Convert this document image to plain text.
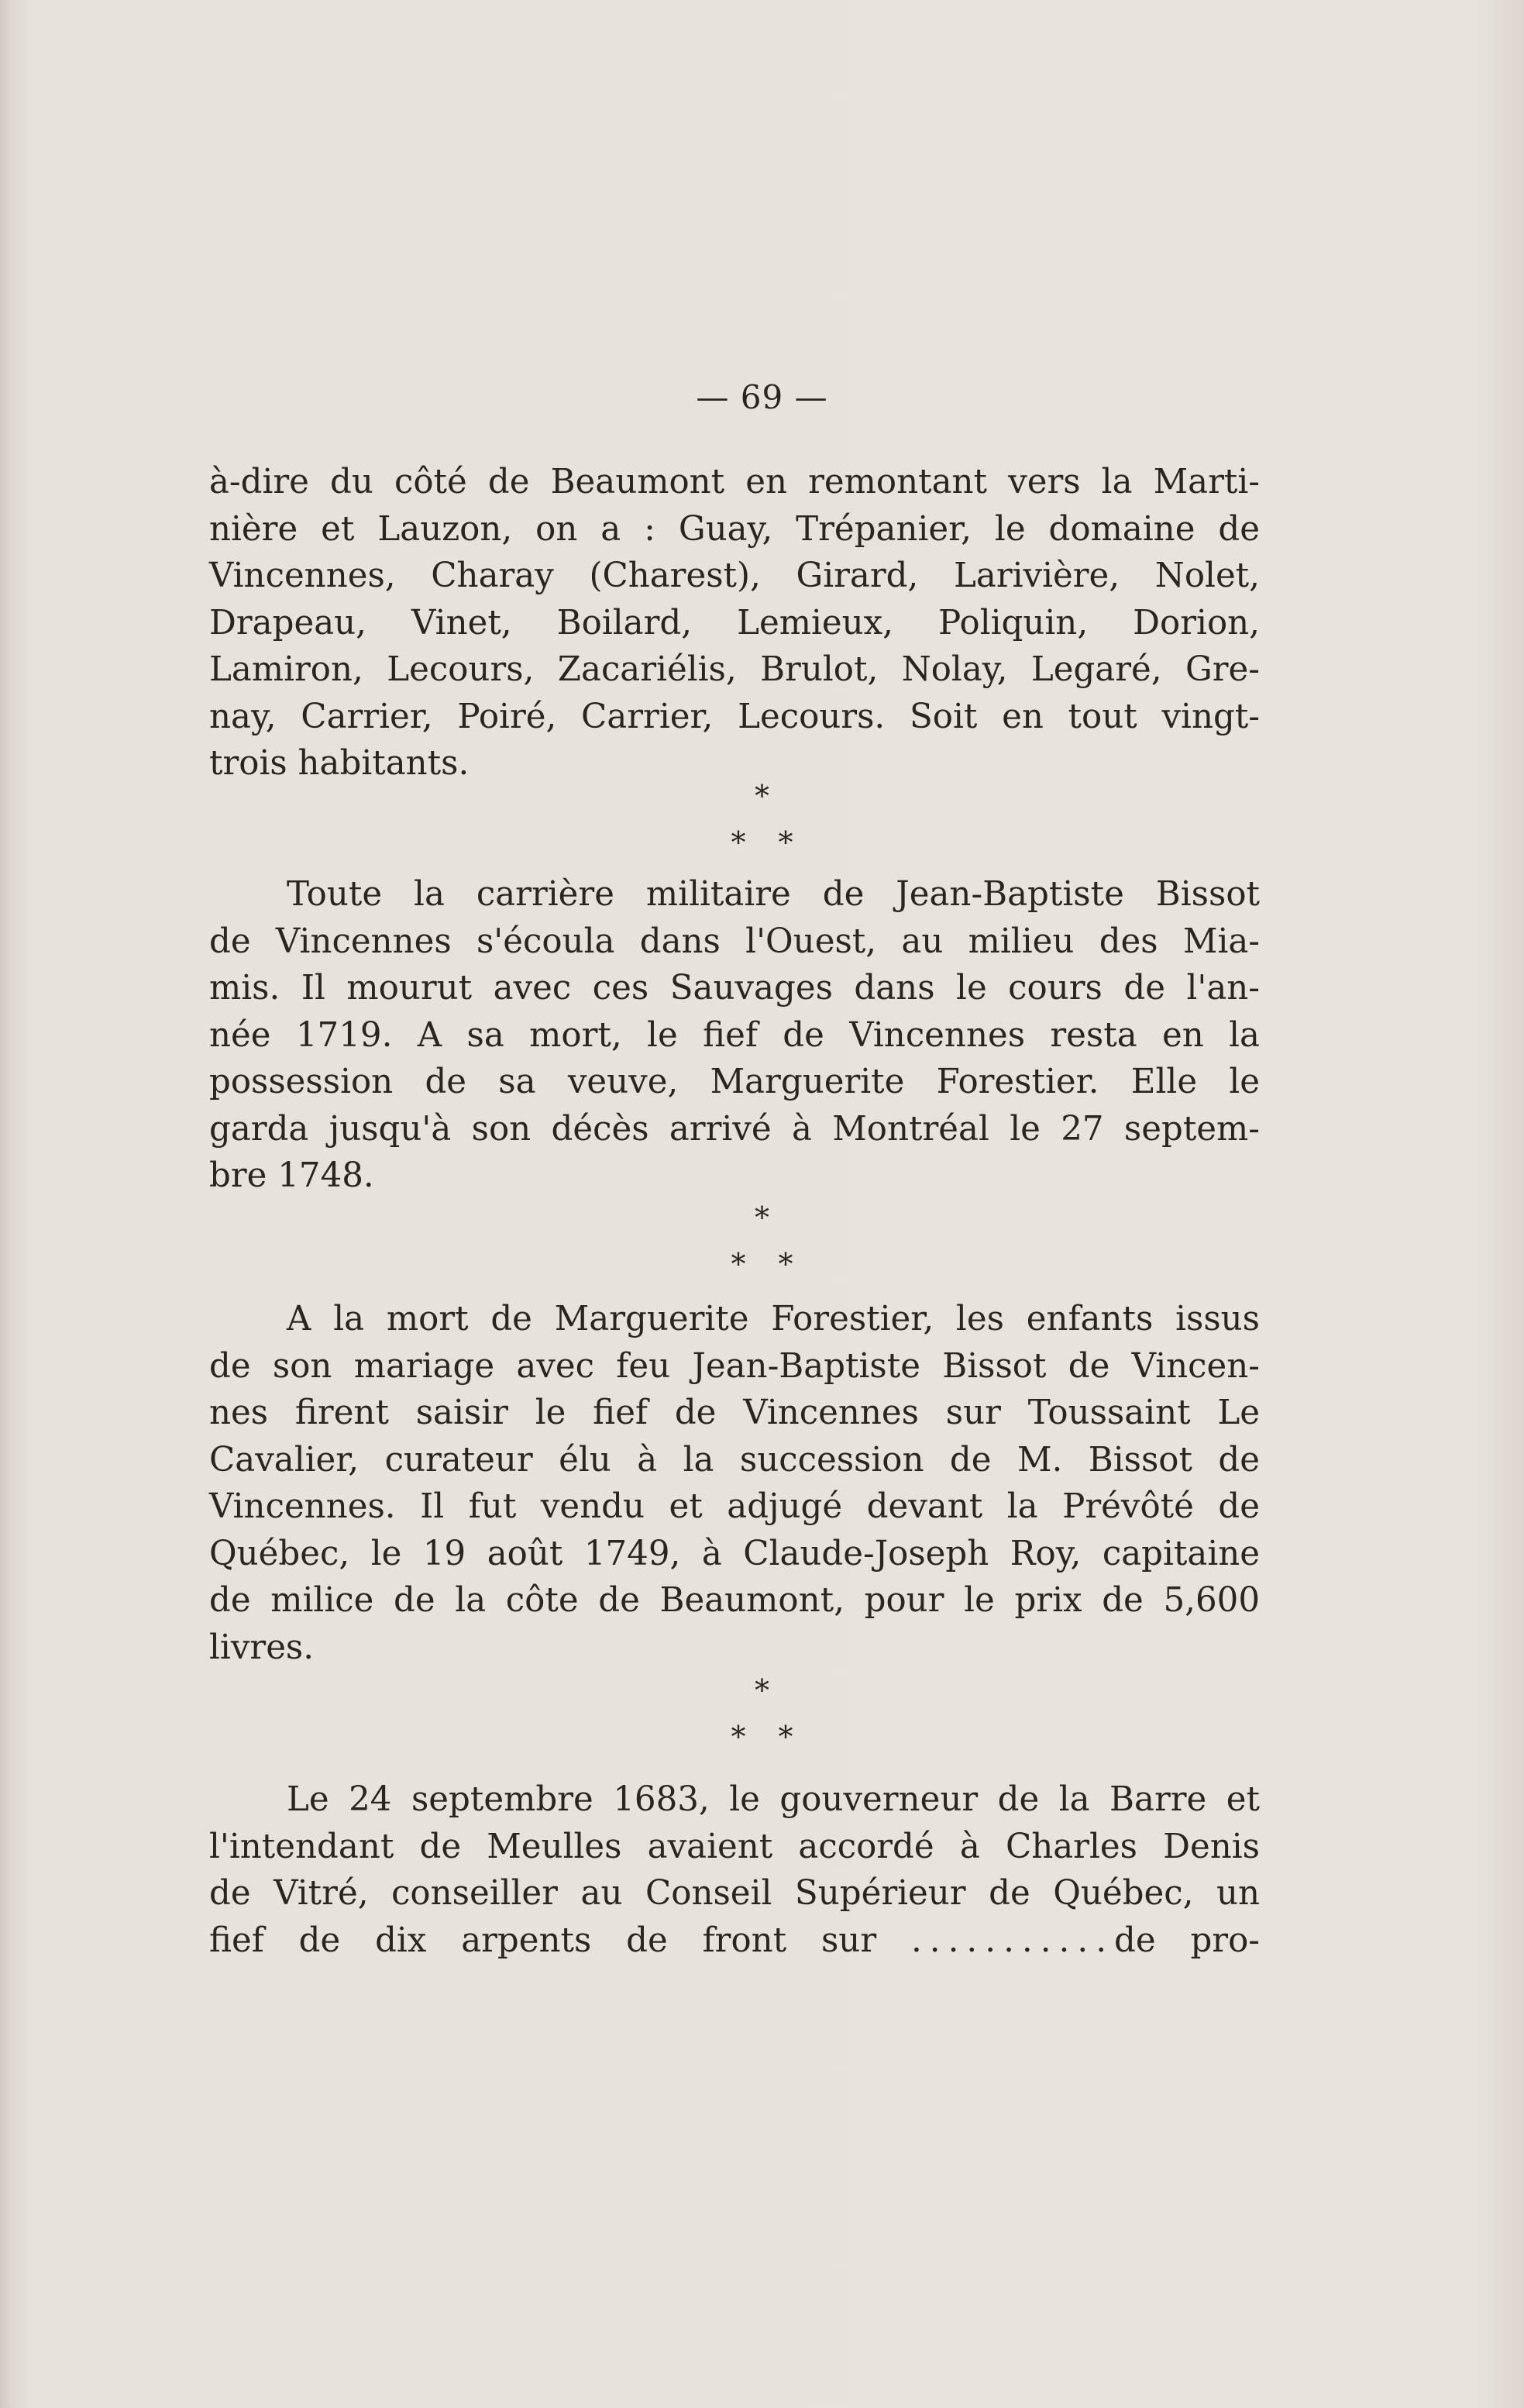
— 69 —
à-dire du côté de Beaumont en remontant vers la Marti-
nière et Lauzon, on a : Guay, Trépanier, le domaine de
Vincennes, Charay (Charest), Girard, Larivière, Nolet,
Drapeau, Vinet, Boilard, Lemieux, Poliquin, Dorion,
Lamiron, Lecours, Zacariélis, Brulot, Nolay, Legaré, Gre-
nay, Carrier, Poiré, Carrier, Lecours. Soit en tout vingt-
trois habitants.
*
* *
Toute la carrière militaire de Jean-Baptiste Bissot
de Vincennes s'écoula dans l'Ouest, au milieu des Mia-
mis. Il mourut avec ces Sauvages dans le cours de l'an-
née 1719. A sa mort, le fief de Vincennes resta en la
possession de sa veuve, Marguerite Forestier. Elle le
garda jusqu'à son décès arrivé à Montréal le 27 septem-
bre 1748.
*
* *
A la mort de Marguerite Forestier, les enfants issus
de son mariage avec feu Jean-Baptiste Bissot de Vincen-
nes firent saisir le fief de Vincennes sur Toussaint Le
Cavalier, curateur élu à la succession de M. Bissot de
Vincennes. Il fut vendu et adjugé devant la Prévôté de
Québec, le 19 août 1749, à Claude-Joseph Roy, capitaine
de milice de la côte de Beaumont, pour le prix de 5,600
livres.
*
* *
Le 24 septembre 1683, le gouverneur de la Barre et
l'intendant de Meulles avaient accordé à Charles Denis
de Vitré, conseiller au Conseil Supérieur de Québec, un
fief de dix arpents de front sur ...........de pro-
